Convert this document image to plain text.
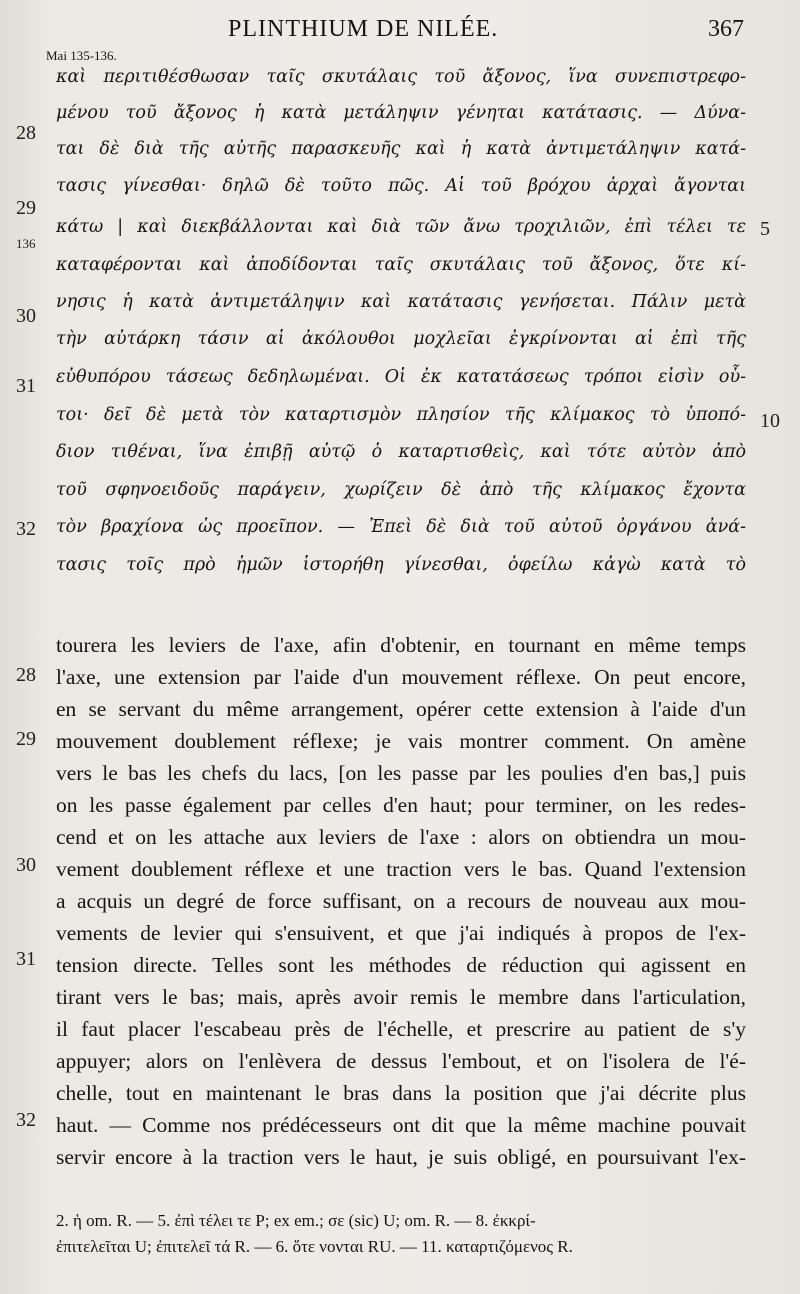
PLINTHIUM DE NILÉE.	367
Mai 135-136.
καὶ περιτιθέσθωσαν ταῖς σκυτάλαις τοῦ ἄξονος, ἵνα συνεπιστρεφο-
μένου τοῦ ἄξονος ἡ κατὰ μετάληψιν γένηται κατάτασις. — Δύνα-
ται δὲ διὰ τῆς αὐτῆς παρασκευῆς καὶ ἡ κατὰ ἀντιμετάληψιν κατά-
τασις γίνεσθαι· δηλῶ δὲ τοῦτο πῶς. Αἱ τοῦ βρόχου ἀρχαὶ ἄγονται
κάτω | καὶ διεκβάλλονται καὶ διὰ τῶν ἄνω τροχιλιῶν, ἐπὶ τέλει τε
καταφέρονται καὶ ἀποδίδονται ταῖς σκυτάλαις τοῦ ἄξονος, ὅτε κί-
νησις ἡ κατὰ ἀντιμετάληψιν καὶ κατάτασις γενήσεται. Πάλιν μετὰ
τὴν αὐτάρκη τάσιν αἱ ἀκόλουθοι μοχλεῖαι ἐγκρίνονται αἱ ἐπὶ τῆς
εὐθυπόρου τάσεως δεδηλωμέναι. Οἱ ἐκ κατατάσεως τρόποι εἰσὶν οὗ-
τοι· δεῖ δὲ μετὰ τὸν καταρτισμὸν πλησίον τῆς κλίμακος τὸ ὑποπό-
διον τιθέναι, ἵνα ἐπιβῇ αὐτῷ ὁ καταρτισθεὶς, καὶ τότε αὐτὸν ἀπὸ
τοῦ σφηνοειδοῦς παράγειν, χωρίζειν δὲ ἀπὸ τῆς κλίμακος ἔχοντα
τὸν βραχίονα ὡς προεῖπον. — Ἐπεὶ δὲ διὰ τοῦ αὐτοῦ ὀργάνου ἀνά-
τασις τοῖς πρὸ ἡμῶν ἱστορήθη γίνεσθαι, ὀφείλω κἀγὼ κατὰ τὸ
28
29
136
30
31
32
5
10
tourera les leviers de l'axe, afin d'obtenir, en tournant en même temps
l'axe, une extension par l'aide d'un mouvement réflexe. On peut encore,
en se servant du même arrangement, opérer cette extension à l'aide d'un
mouvement doublement réflexe; je vais montrer comment. On amène
vers le bas les chefs du lacs, [on les passe par les poulies d'en bas,] puis
on les passe également par celles d'en haut; pour terminer, on les redes-
cend et on les attache aux leviers de l'axe : alors on obtiendra un mou-
vement doublement réflexe et une traction vers le bas. Quand l'extension
a acquis un degré de force suffisant, on a recours de nouveau aux mou-
vements de levier qui s'ensuivent, et que j'ai indiqués à propos de l'ex-
tension directe. Telles sont les méthodes de réduction qui agissent en
tirant vers le bas; mais, après avoir remis le membre dans l'articulation,
il faut placer l'escabeau près de l'échelle, et prescrire au patient de s'y
appuyer; alors on l'enlèvera de dessus l'embout, et on l'isolera de l'é-
chelle, tout en maintenant le bras dans la position que j'ai décrite plus
haut. — Comme nos prédécesseurs ont dit que la même machine pouvait
servir encore à la traction vers le haut, je suis obligé, en poursuivant l'ex-
28
29
30
31
32
2. ἡ om. R. — 5. ἐπὶ τέλει τε P; ex em.; σε (sic) U; om. R. — 8. ἐκκρί-
ἐπιτελεῖται U; ἐπιτελεῖ τά R. — 6. ὅτε νονται RU. — 11. καταρτιζόμενος R.
